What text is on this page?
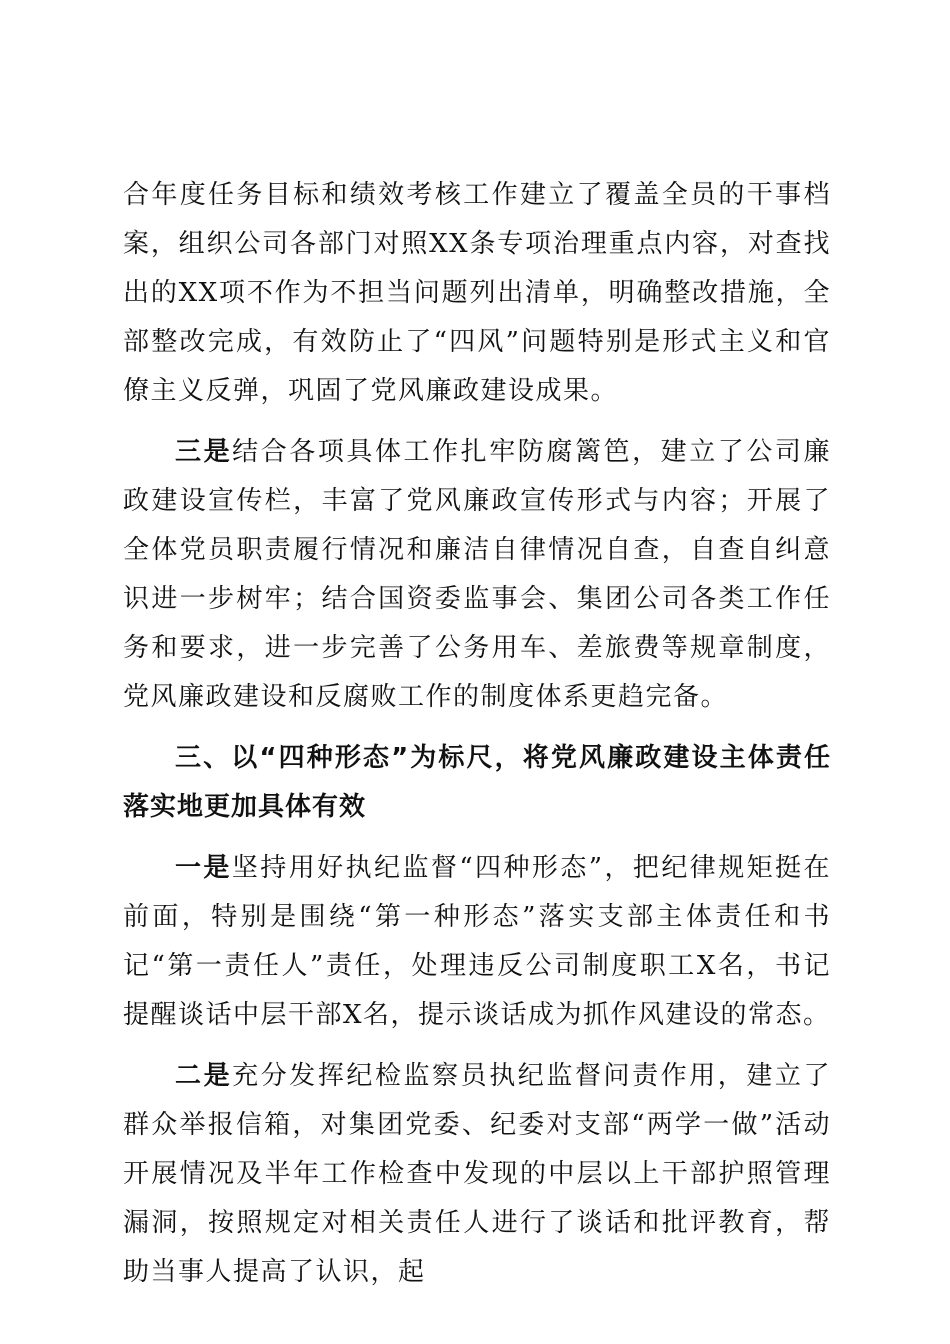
合年度任务目标和绩效考核工作建立了覆盖全员的干事档案，组织公司各部门对照XX条专项治理重点内容，对查找出的XX项不作为不担当问题列出清单，明确整改措施，全部整改完成，有效防止了“四风”问题特别是形式主义和官僚主义反弹，巩固了党风廉政建设成果。

三是结合各项具体工作扎牢防腐篱笆，建立了公司廉政建设宣传栏，丰富了党风廉政宣传形式与内容；开展了全体党员职责履行情况和廉洁自律情况自查，自查自纠意识进一步树牢；结合国资委监事会、集团公司各类工作任务和要求，进一步完善了公务用车、差旅费等规章制度，党风廉政建设和反腐败工作的制度体系更趋完备。

三、以“四种形态”为标尺，将党风廉政建设主体责任落实地更加具体有效

一是坚持用好执纪监督“四种形态”，把纪律规矩挺在前面，特别是围绕“第一种形态”落实支部主体责任和书记“第一责任人”责任，处理违反公司制度职工X名，书记提醒谈话中层干部X名，提示谈话成为抓作风建设的常态。

二是充分发挥纪检监察员执纪监督问责作用，建立了群众举报信箱，对集团党委、纪委对支部“两学一做”活动开展情况及半年工作检查中发现的中层以上干部护照管理漏洞，按照规定对相关责任人进行了谈话和批评教育，帮助当事人提高了认识，起
